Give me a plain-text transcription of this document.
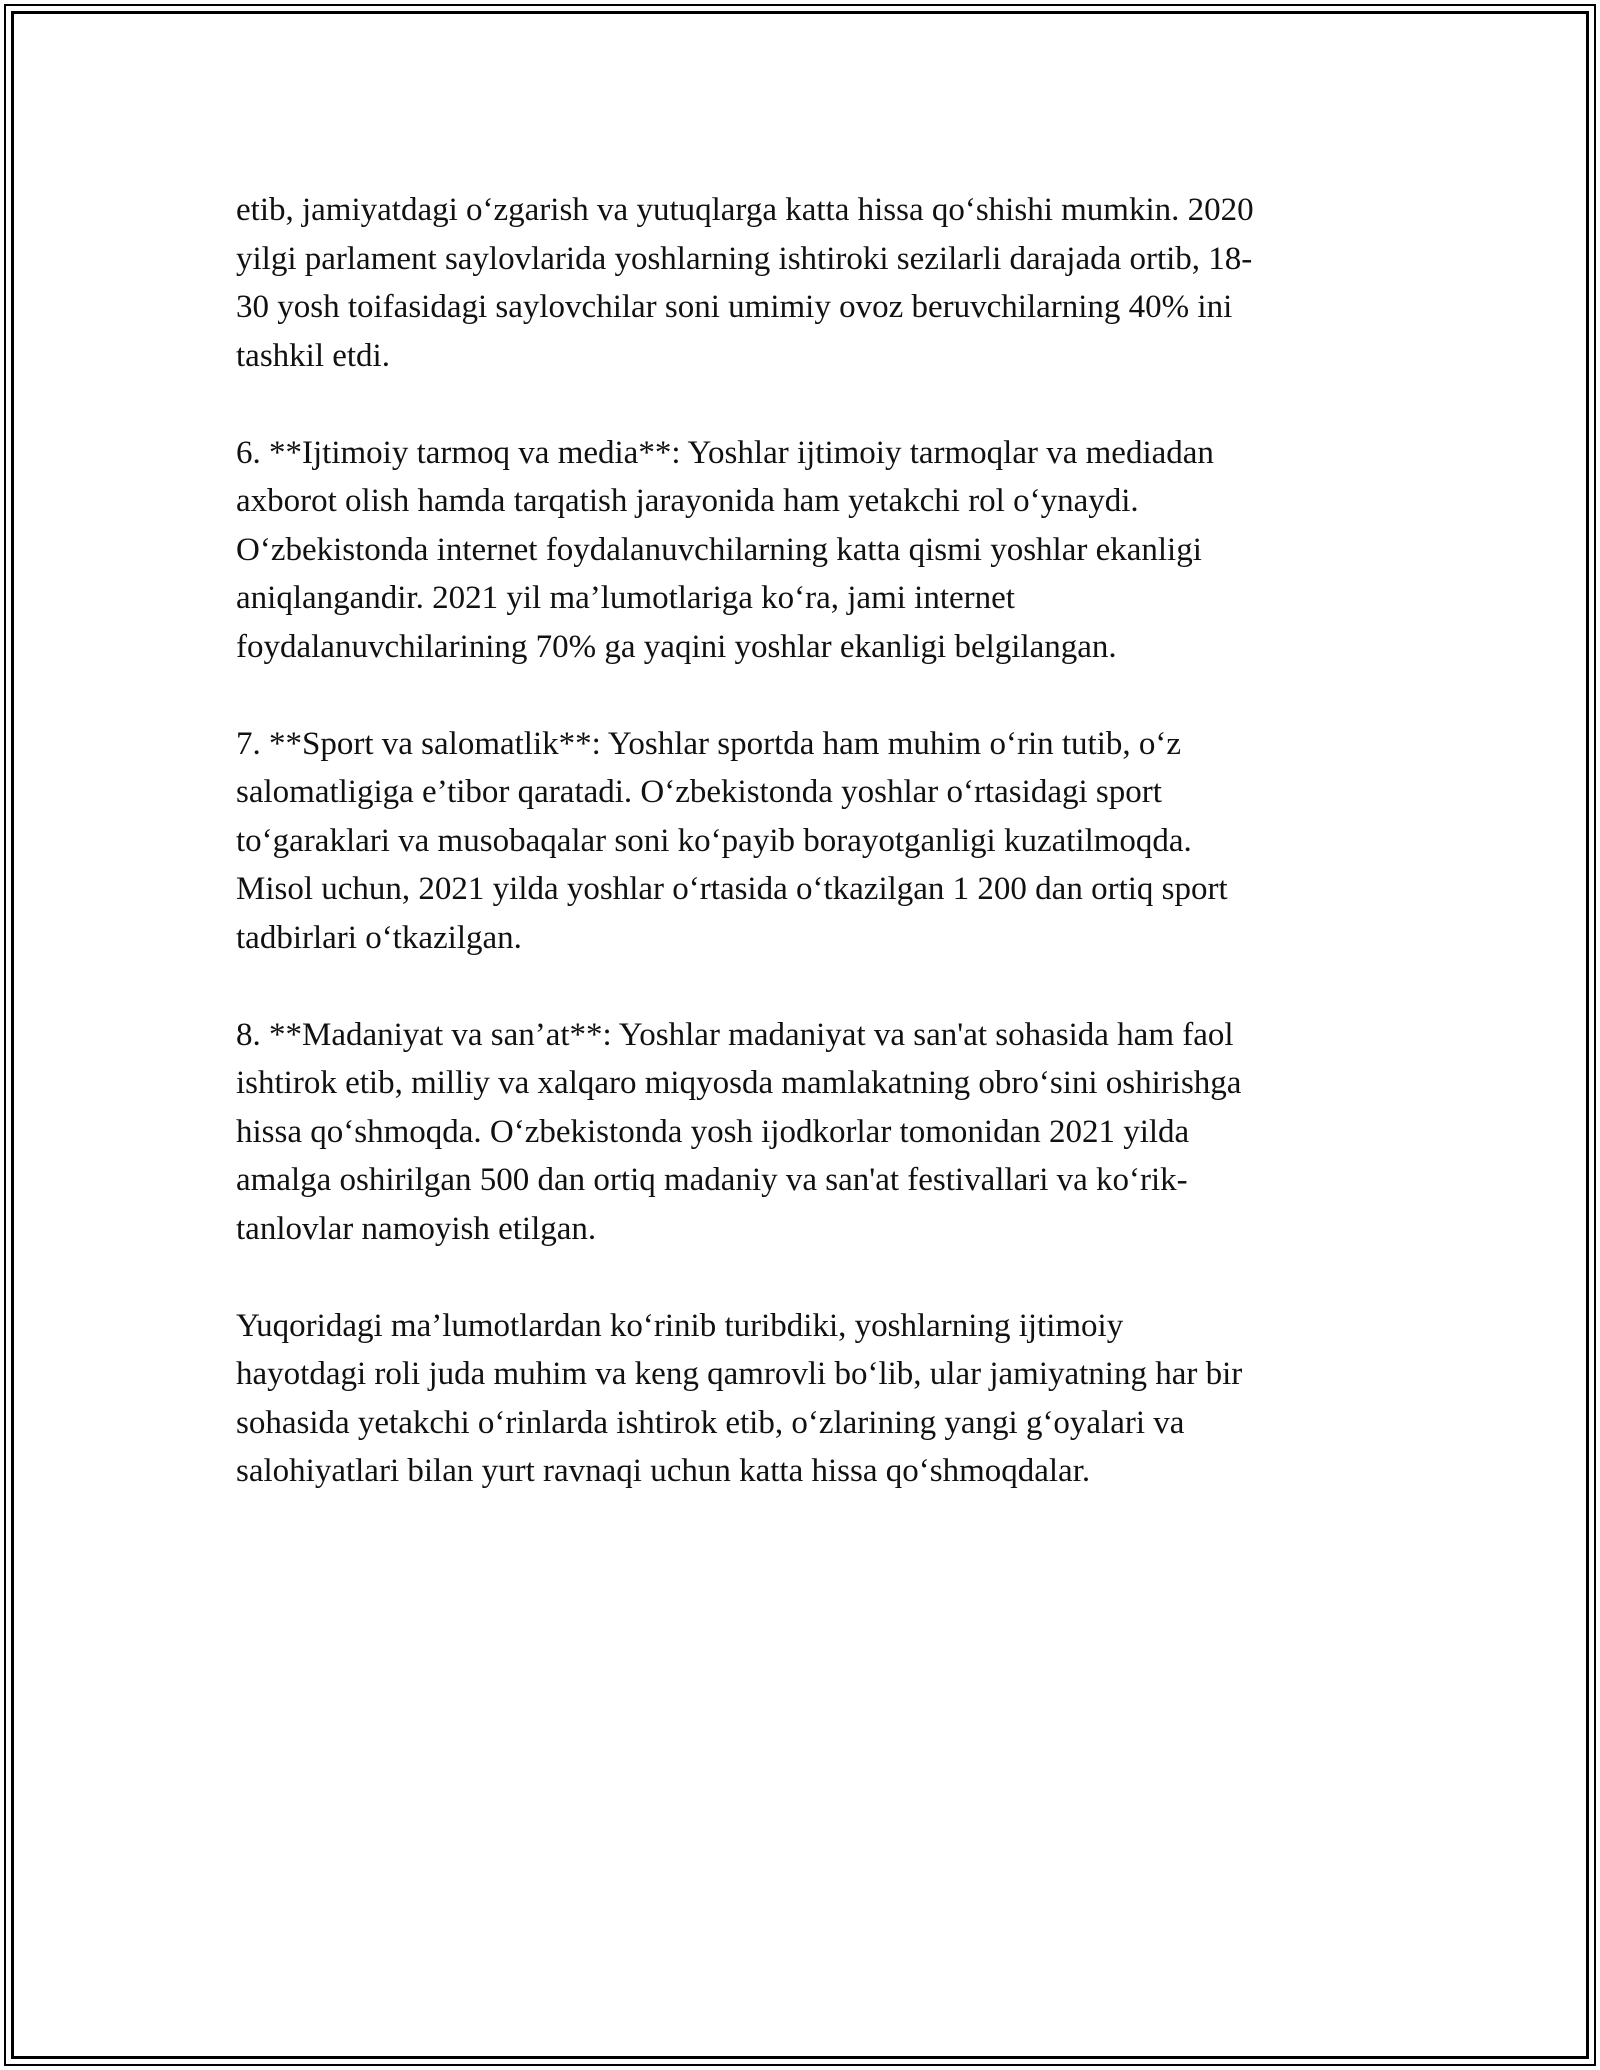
etib, jamiyatdagi o‘zgarish va yutuqlarga katta hissa qo‘shishi mumkin. 2020
yilgi parlament saylovlarida yoshlarning ishtiroki sezilarli darajada ortib, 18-
30 yosh toifasidagi saylovchilar soni umimiy ovoz beruvchilarning 40% ini
tashkil etdi.

6. **Ijtimoiy tarmoq va media**: Yoshlar ijtimoiy tarmoqlar va mediadan
axborot olish hamda tarqatish jarayonida ham yetakchi rol o‘ynaydi.
O‘zbekistonda internet foydalanuvchilarning katta qismi yoshlar ekanligi
aniqlangandir. 2021 yil ma’lumotlariga ko‘ra, jami internet
foydalanuvchilarining 70% ga yaqini yoshlar ekanligi belgilangan.

7. **Sport va salomatlik**: Yoshlar sportda ham muhim o‘rin tutib, o‘z
salomatligiga e’tibor qaratadi. O‘zbekistonda yoshlar o‘rtasidagi sport
to‘garaklari va musobaqalar soni ko‘payib borayotganligi kuzatilmoqda.
Misol uchun, 2021 yilda yoshlar o‘rtasida o‘tkazilgan 1 200 dan ortiq sport
tadbirlari o‘tkazilgan.

8. **Madaniyat va san’at**: Yoshlar madaniyat va san'at sohasida ham faol
ishtirok etib, milliy va xalqaro miqyosda mamlakatning obro‘sini oshirishga
hissa qo‘shmoqda. O‘zbekistonda yosh ijodkorlar tomonidan 2021 yilda
amalga oshirilgan 500 dan ortiq madaniy va san'at festivallari va ko‘rik-
tanlovlar namoyish etilgan.

Yuqoridagi ma’lumotlardan ko‘rinib turibdiki, yoshlarning ijtimoiy
hayotdagi roli juda muhim va keng qamrovli bo‘lib, ular jamiyatning har bir
sohasida yetakchi o‘rinlarda ishtirok etib, o‘zlarining yangi g‘oyalari va
salohiyatlari bilan yurt ravnaqi uchun katta hissa qo‘shmoqdalar.
